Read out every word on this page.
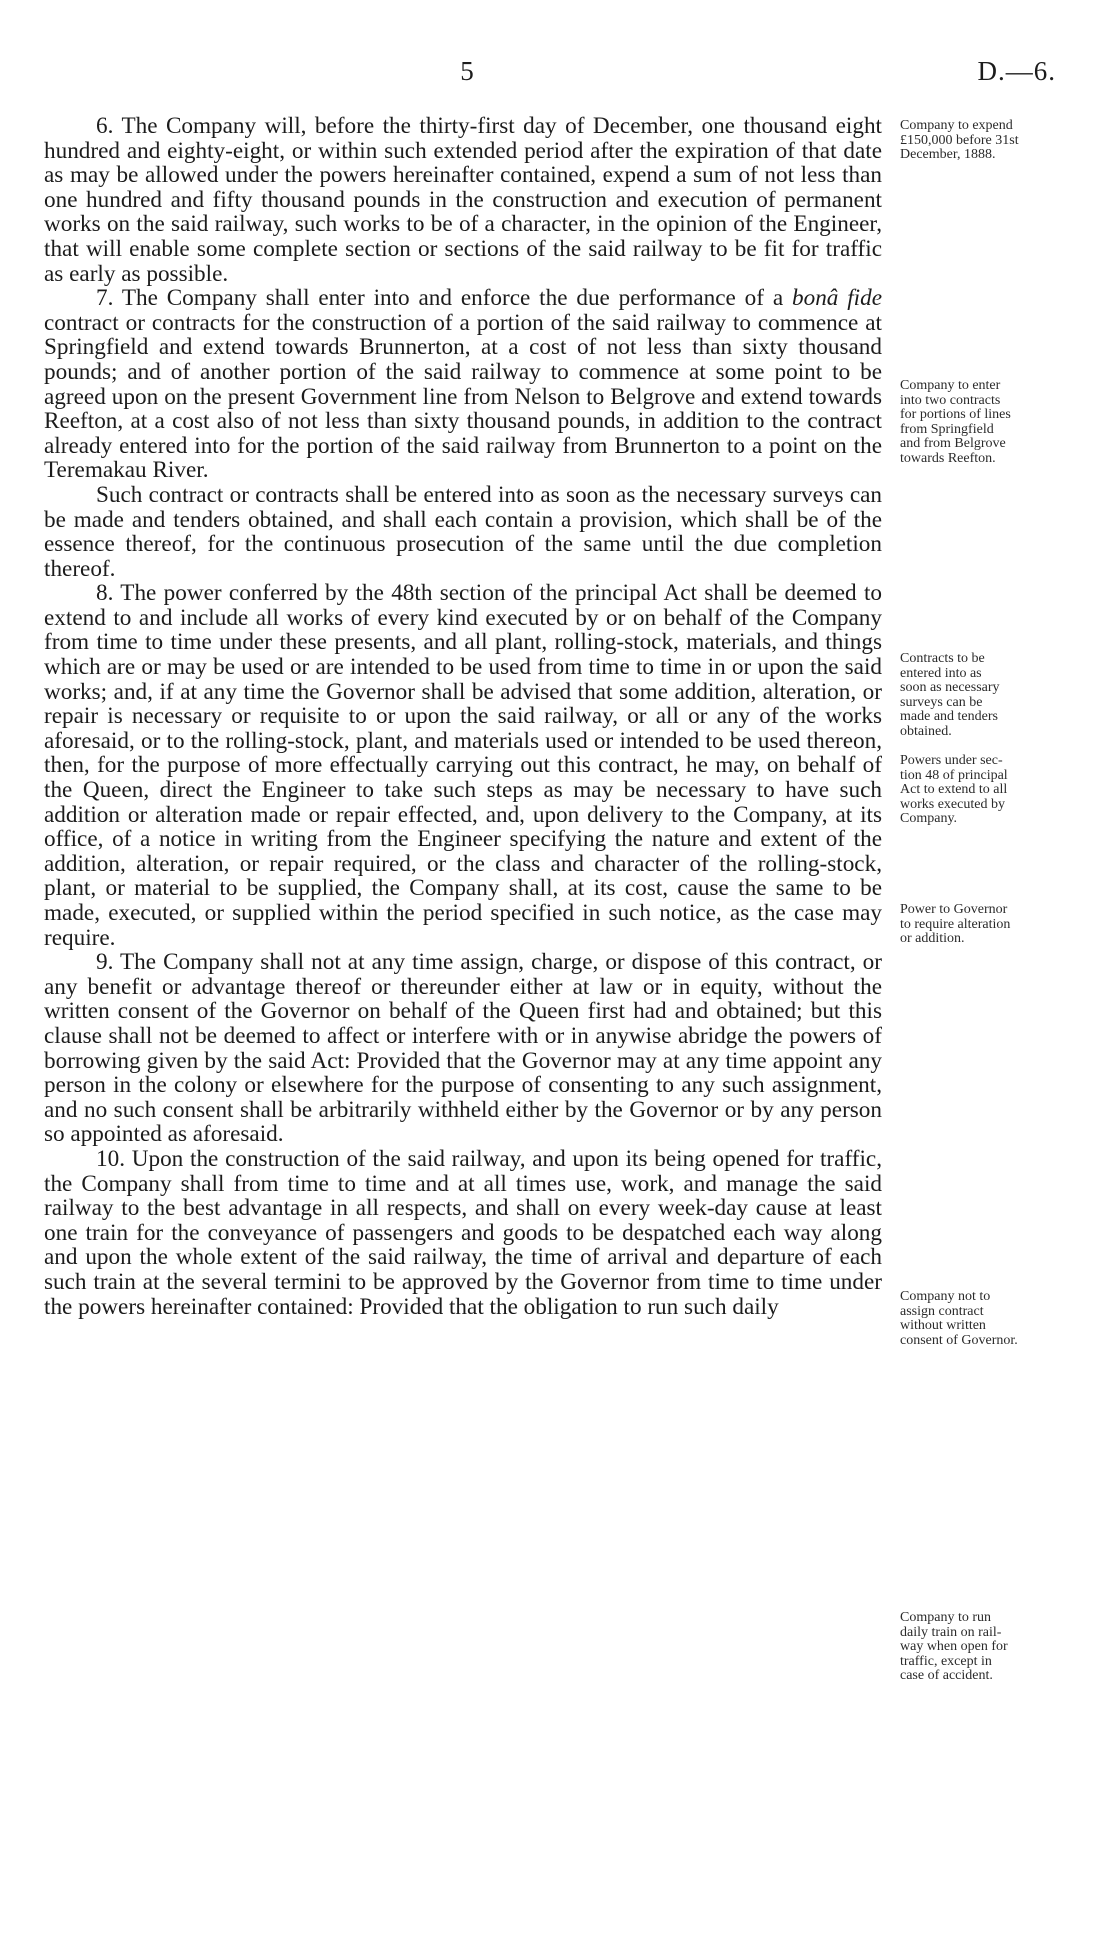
5	D.—6.

6. The Company will, before the thirty-first day of December, one thousand eight hundred and eighty-eight, or within such extended period after the expiration of that date as may be allowed under the powers hereinafter contained, expend a sum of not less than one hundred and fifty thousand pounds in the construction and execution of permanent works on the said railway, such works to be of a character, in the opinion of the Engineer, that will enable some complete section or sections of the said railway to be fit for traffic as early as possible.

7. The Company shall enter into and enforce the due performance of a bonâ fide contract or contracts for the construction of a portion of the said railway to commence at Springfield and extend towards Brunnerton, at a cost of not less than sixty thousand pounds; and of another portion of the said railway to commence at some point to be agreed upon on the present Government line from Nelson to Belgrove and extend towards Reefton, at a cost also of not less than sixty thousand pounds, in addition to the contract already entered into for the portion of the said railway from Brunnerton to a point on the Teremakau River.

Such contract or contracts shall be entered into as soon as the necessary surveys can be made and tenders obtained, and shall each contain a provision, which shall be of the essence thereof, for the continuous prosecution of the same until the due completion thereof.

8. The power conferred by the 48th section of the principal Act shall be deemed to extend to and include all works of every kind executed by or on behalf of the Company from time to time under these presents, and all plant, rolling-stock, materials, and things which are or may be used or are intended to be used from time to time in or upon the said works; and, if at any time the Governor shall be advised that some addition, alteration, or repair is necessary or requisite to or upon the said railway, or all or any of the works aforesaid, or to the rolling-stock, plant, and materials used or intended to be used thereon, then, for the purpose of more effectually carrying out this contract, he may, on behalf of the Queen, direct the Engineer to take such steps as may be necessary to have such addition or alteration made or repair effected, and, upon delivery to the Company, at its office, of a notice in writing from the Engineer specifying the nature and extent of the addition, alteration, or repair required, or the class and character of the rolling-stock, plant, or material to be supplied, the Company shall, at its cost, cause the same to be made, executed, or supplied within the period specified in such notice, as the case may require.

9. The Company shall not at any time assign, charge, or dispose of this contract, or any benefit or advantage thereof or thereunder either at law or in equity, without the written consent of the Governor on behalf of the Queen first had and obtained; but this clause shall not be deemed to affect or interfere with or in anywise abridge the powers of borrowing given by the said Act: Provided that the Governor may at any time appoint any person in the colony or elsewhere for the purpose of consenting to any such assignment, and no such consent shall be arbitrarily withheld either by the Governor or by any person so appointed as aforesaid.

10. Upon the construction of the said railway, and upon its being opened for traffic, the Company shall from time to time and at all times use, work, and manage the said railway to the best advantage in all respects, and shall on every week-day cause at least one train for the conveyance of passengers and goods to be despatched each way along and upon the whole extent of the said railway, the time of arrival and departure of each such train at the several termini to be approved by the Governor from time to time under the powers hereinafter contained: Provided that the obligation to run such daily

Company to expend
£150,000 before 31st
December, 1888.
Company to enter
into two contracts
for portions of lines
from Springfield
and from Belgrove
towards Reefton.
Contracts to be
entered into as
soon as necessary
surveys can be
made and tenders
obtained.
Powers under sec-
tion 48 of principal
Act to extend to all
works executed by
Company.
Power to Governor
to require alteration
or addition.
Company not to
assign contract
without written
consent of Governor.
Company to run
daily train on rail-
way when open for
traffic, except in
case of accident.
